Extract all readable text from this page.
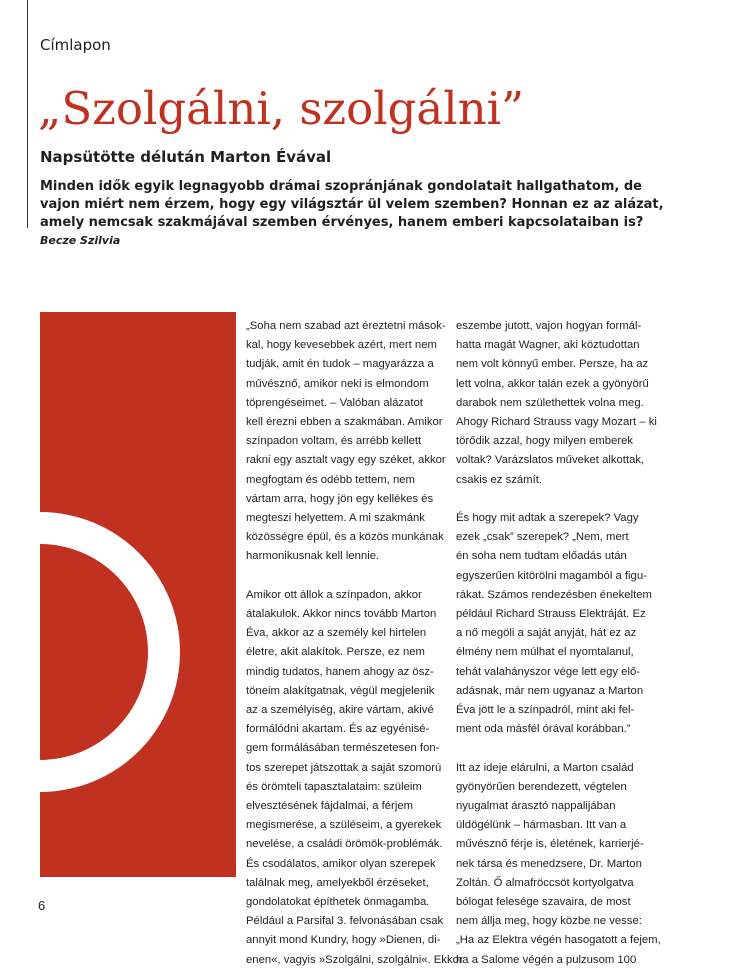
Címlapon
„Szolgálni, szolgálni”
Napsütötte délután Marton Évával
Minden idők egyik legnagyobb drámai szopránjának gondolatait hallgathatom, de vajon miért nem érzem, hogy egy világsztár ül velem szemben? Honnan ez az alázat, amely nemcsak szakmájával szemben érvényes, hanem emberi kapcsolataiban is? Becze Szilvia
„Soha nem szabad azt éreztetni mások-
kal, hogy kevesebbek azért, mert nem
tudják, amit én tudok – magyarázza a
művésznő, amikor neki is elmondom
töprengéseimet. – Valóban alázatot
kell érezni ebben a szakmában. Amikor
színpadon voltam, és arrébb kellett
rakni egy asztalt vagy egy széket, akkor
megfogtam és odébb tettem, nem
vártam arra, hogy jön egy kellékes és
megteszi helyettem. A mi szakmánk
közösségre épül, és a közös munkának
harmonikusnak kell lennie.
Amikor ott állok a színpadon, akkor
átalakulok. Akkor nincs tovább Marton
Éva, akkor az a személy kel hirtelen
életre, akit alakítok. Persze, ez nem
mindig tudatos, hanem ahogy az ösz-
töneim alakítgatnak, végül megjelenik
az a személyiség, akire vártam, akivé
formálódni akartam. És az egyénisé-
gem formálásában természetesen fon-
tos szerepet játszottak a saját szomorú
és örömteli tapasztalataim: szüleim
elvesztésének fájdalmai, a férjem
megismerése, a szüléseim, a gyerekek
nevelése, a családi örömök-problémák.
És csodálatos, amikor olyan szerepek
találnak meg, amelyekből érzéseket,
gondolatokat építhetek önmagamba.
Például a Parsifal 3. felvonásában csak
annyit mond Kundry, hogy »Dienen, di-
enen«, vagyis »Szolgálni, szolgálni«. Ekkor
eszembe jutott, vajon hogyan formál-
hatta magát Wagner, aki köztudottan
nem volt könnyű ember. Persze, ha az
lett volna, akkor talán ezek a gyönyörű
darabok nem születhettek volna meg.
Ahogy Richard Strauss vagy Mozart – ki
törődik azzal, hogy milyen emberek
voltak? Varázslatos műveket alkottak,
csakis ez számít.
És hogy mit adtak a szerepek? Vagy
ezek „csak” szerepek? „Nem, mert
én soha nem tudtam előadás után
egyszerűen kitörölni magamból a figu-
rákat. Számos rendezésben énekeltem
például Richard Strauss Elektráját. Ez
a nő megöli a saját anyját, hát ez az
élmény nem múlhat el nyomtalanul,
tehát valahányszor vége lett egy elő-
adásnak, már nem ugyanaz a Marton
Éva jött le a színpadról, mint aki fel-
ment oda másfél órával korábban.”
Itt az ideje elárulni, a Marton család
gyönyörűen berendezett, végtelen
nyugalmat árasztó nappalijában
üldögélünk – hármasban. Itt van a
művésznő férje is, életének, karrierjé-
nek társa és menedzsere, Dr. Marton
Zoltán. Ő almafröccsöt kortyolgatva
bólogat felesége szavaira, de most
nem állja meg, hogy közbe ne vesse:
„Ha az Elektra végén hasogatott a fejem,
ha a Salome végén a pulzusom 100
6
